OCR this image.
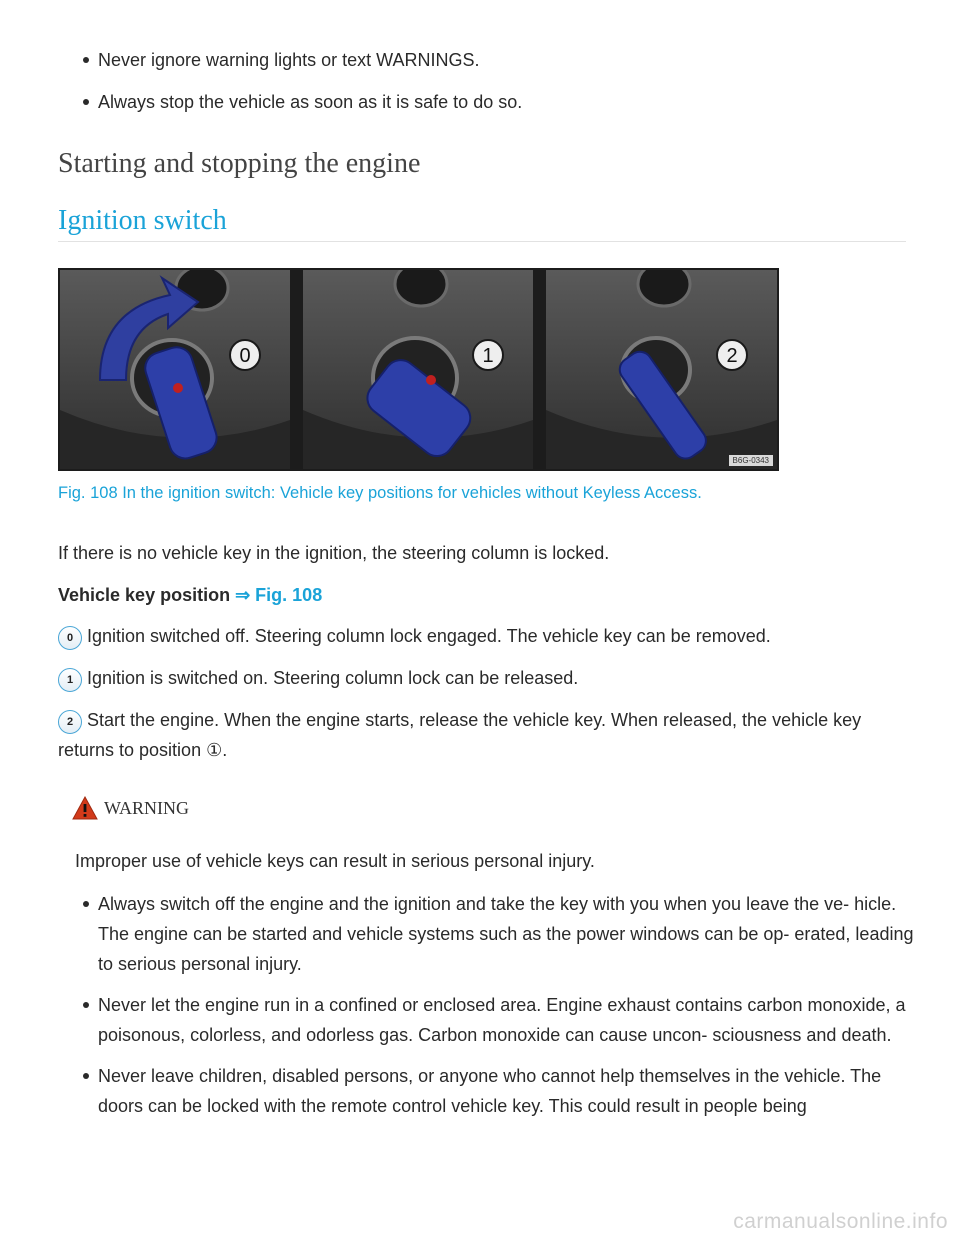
Never ignore warning lights or text WARNINGS.
Always stop the vehicle as soon as it is safe to do so.
Starting and stopping the engine
Ignition switch
0	1	2
B6G-0343

Fig. 108 In the ignition switch: Vehicle key positions for vehicles without Keyless Access.

If there is no vehicle key in the ignition, the steering column is locked.

Vehicle key position ⇒ Fig. 108

0 Ignition switched off. Steering column lock engaged. The vehicle key can be removed.

1 Ignition is switched on. Steering column lock can be released.

2 Start the engine. When the engine starts, release the vehicle key. When released, the vehicle key returns to position ①.

WARNING

Improper use of vehicle keys can result in serious personal injury.

Always switch off the engine and the ignition and take the key with you when you leave the ve- hicle. The engine can be started and vehicle systems such as the power windows can be op- erated, leading to serious personal injury.
Never let the engine run in a confined or enclosed area. Engine exhaust contains carbon monoxide, a poisonous, colorless, and odorless gas. Carbon monoxide can cause uncon- sciousness and death.
Never leave children, disabled persons, or anyone who cannot help themselves in the vehicle. The doors can be locked with the remote control vehicle key. This could result in people being
carmanualsonline.info
